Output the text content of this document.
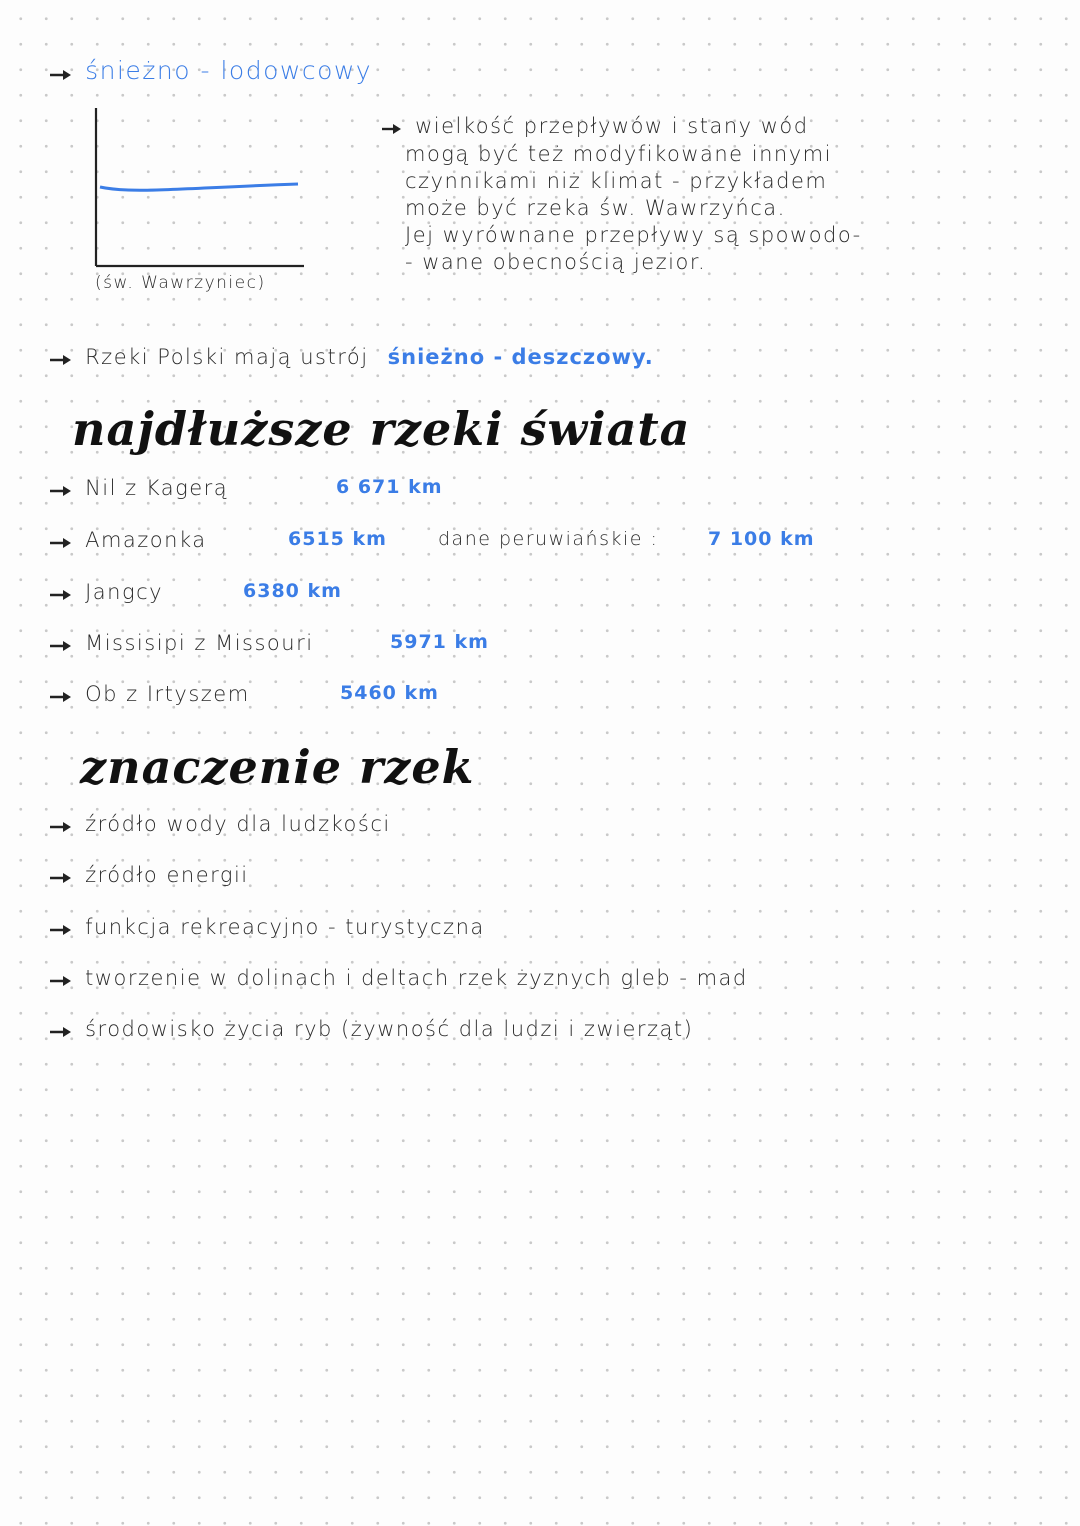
śnieżno - lodowcowy
(św. Wawrzyniec)
wielkość przepływów i stany wód
mogą być też modyfikowane innymi
czynnikami niż klimat - przykładem
może być rzeka św. Wawrzyńca.
Jej wyrównane przepływy są spowodo-
- wane obecnością jezior.
Rzeki Polski mają ustrój śnieżno - deszczowy.
najdłuższe rzeki świata
Nil z Kagerą	6 671 km
Amazonka	6515 km	dane peruwiańskie :	7 100 km
Jangcy	6380 km
Missisipi z Missouri	5971 km
Ob z Irtyszem	5460 km
znaczenie rzek
źródło wody dla ludzkości
źródło energii
funkcja rekreacyjno - turystyczna
tworzenie w dolinach i deltach rzek żyznych gleb - mad
środowisko życia ryb (żywność dla ludzi i zwierząt)
